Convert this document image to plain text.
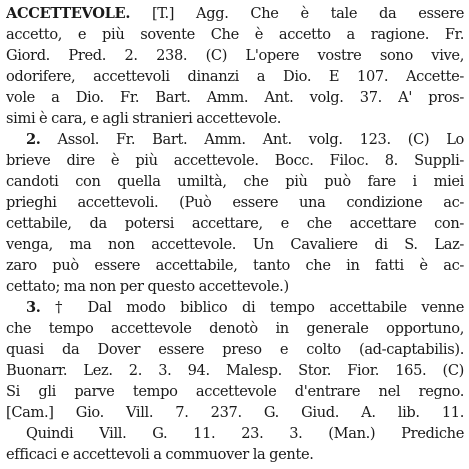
ACCETTEVOLE. [T.] Agg. Che è tale da essere
accetto, e più sovente Che è accetto a ragione. Fr.
Giord. Pred. 2. 238. (C) L'opere vostre sono vive,
odorifere, accettevoli dinanzi a Dio. E 107. Accette-
vole a Dio. Fr. Bart. Amm. Ant. volg. 37. A' pros-
simi è cara, e agli stranieri accettevole.
2. Assol. Fr. Bart. Amm. Ant. volg. 123. (C) Lo
brieve dire è più accettevole. Bocc. Filoc. 8. Suppli-
candoti con quella umiltà, che più può fare i miei
prieghi accettevoli. (Può essere una condizione ac-
cettabile, da potersi accettare, e che accettare con-
venga, ma non accettevole. Un Cavaliere di S. Laz-
zaro può essere accettabile, tanto che in fatti è ac-
cettato; ma non per questo accettevole.)
3. † Dal modo biblico di tempo accettabile venne
che tempo accettevole denotò in generale opportuno,
quasi da Dover essere preso e colto (ad-captabilis).
Buonarr. Lez. 2. 3. 94. Malesp. Stor. Fior. 165. (C)
Si gli parve tempo accettevole d'entrare nel regno.
[Cam.] Gio. Vill. 7. 237. G. Giud. A. lib. 11.
Quindi Vill. G. 11. 23. 3. (Man.) Prediche
efficaci e accettevoli a commuover la gente.
